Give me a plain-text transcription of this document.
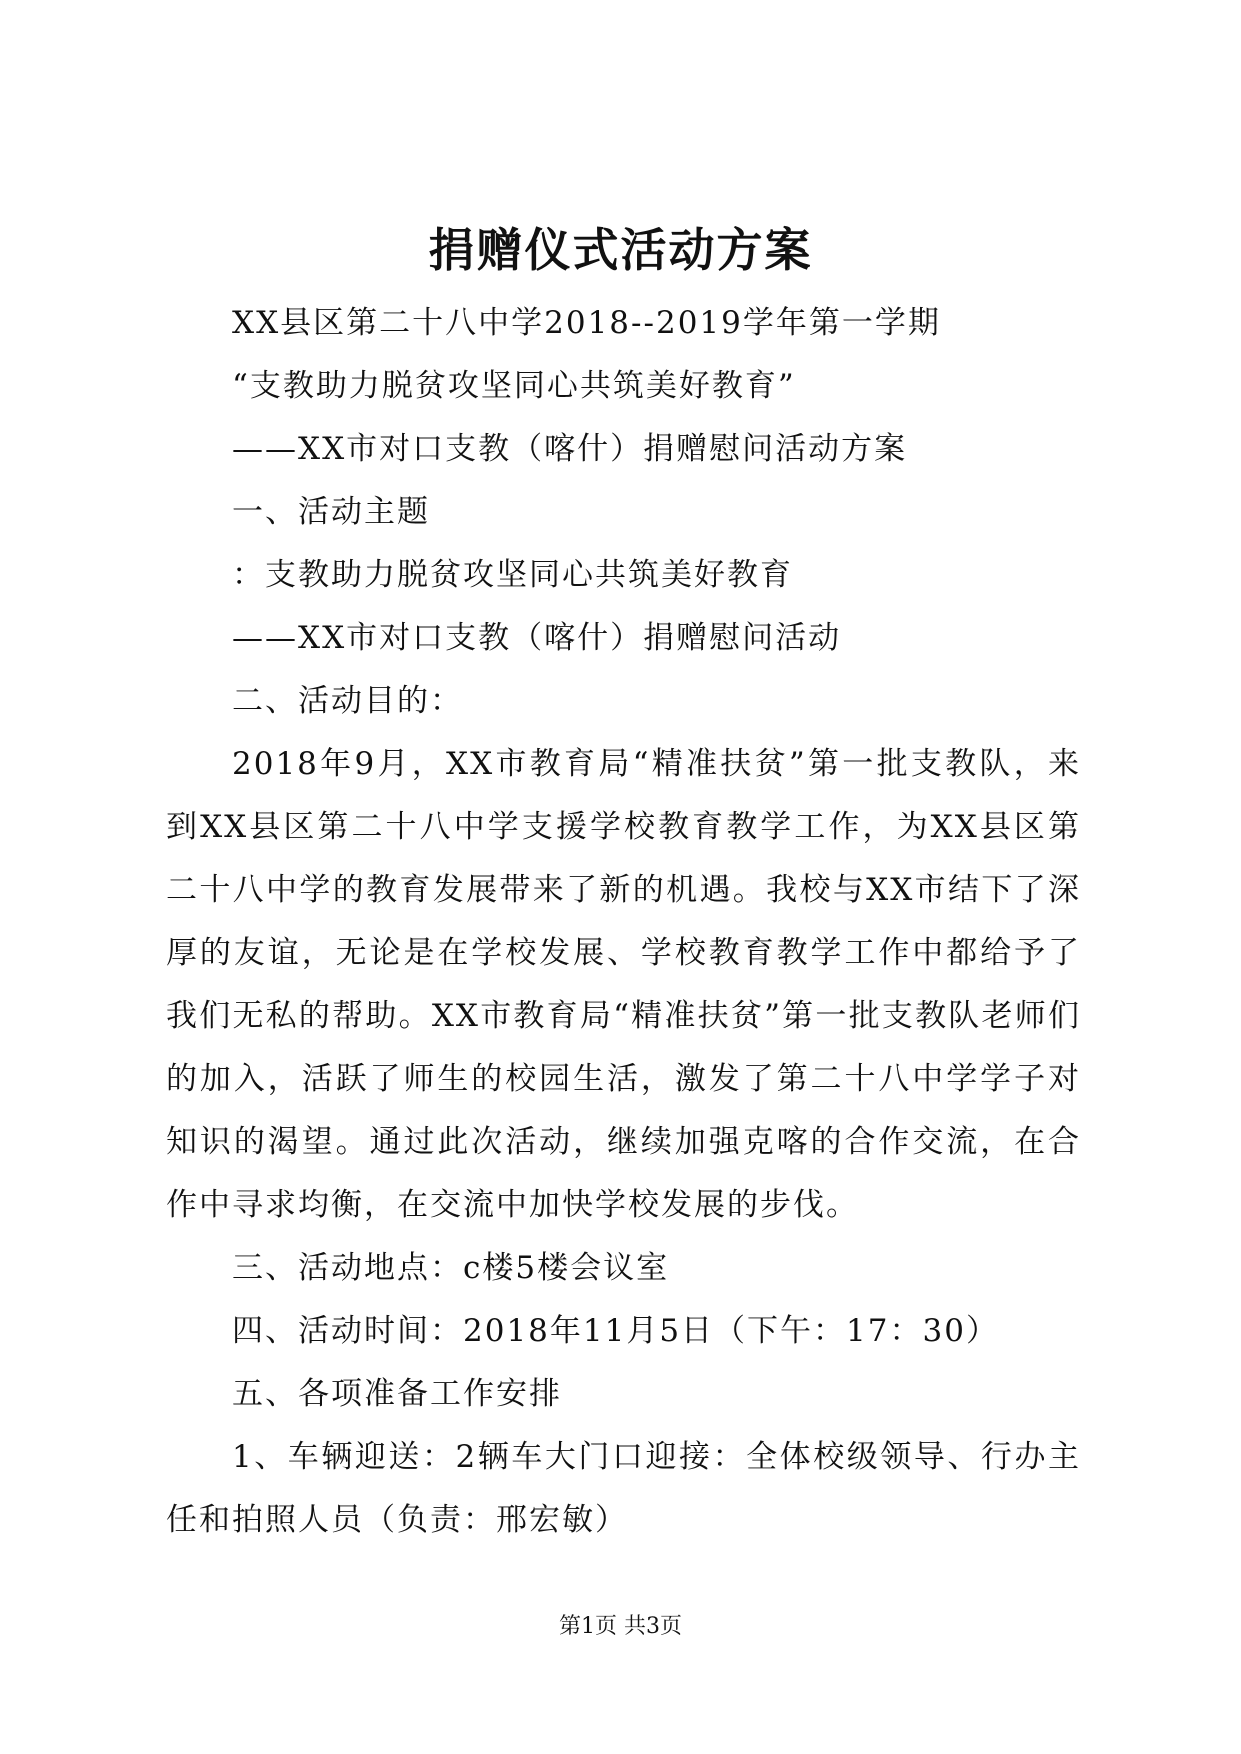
捐赠仪式活动方案

XX县区第二十八中学2018--2019学年第一学期

“支教助力脱贫攻坚同心共筑美好教育”

——XX市对口支教（喀什）捐赠慰问活动方案

一、活动主题

：支教助力脱贫攻坚同心共筑美好教育

——XX市对口支教（喀什）捐赠慰问活动

二、活动目的：

2018年9月，XX市教育局“精准扶贫”第一批支教队，来到XX县区第二十八中学支援学校教育教学工作，为XX县区第二十八中学的教育发展带来了新的机遇。我校与XX市结下了深厚的友谊，无论是在学校发展、学校教育教学工作中都给予了我们无私的帮助。XX市教育局“精准扶贫”第一批支教队老师们的加入，活跃了师生的校园生活，激发了第二十八中学学子对知识的渴望。通过此次活动，继续加强克喀的合作交流，在合作中寻求均衡，在交流中加快学校发展的步伐。

三、活动地点：c楼5楼会议室

四、活动时间：2018年11月5日（下午：17：30）

五、各项准备工作安排

1、车辆迎送：2辆车大门口迎接：全体校级领导、行办主任和拍照人员（负责：邢宏敏）

第1页 共3页
